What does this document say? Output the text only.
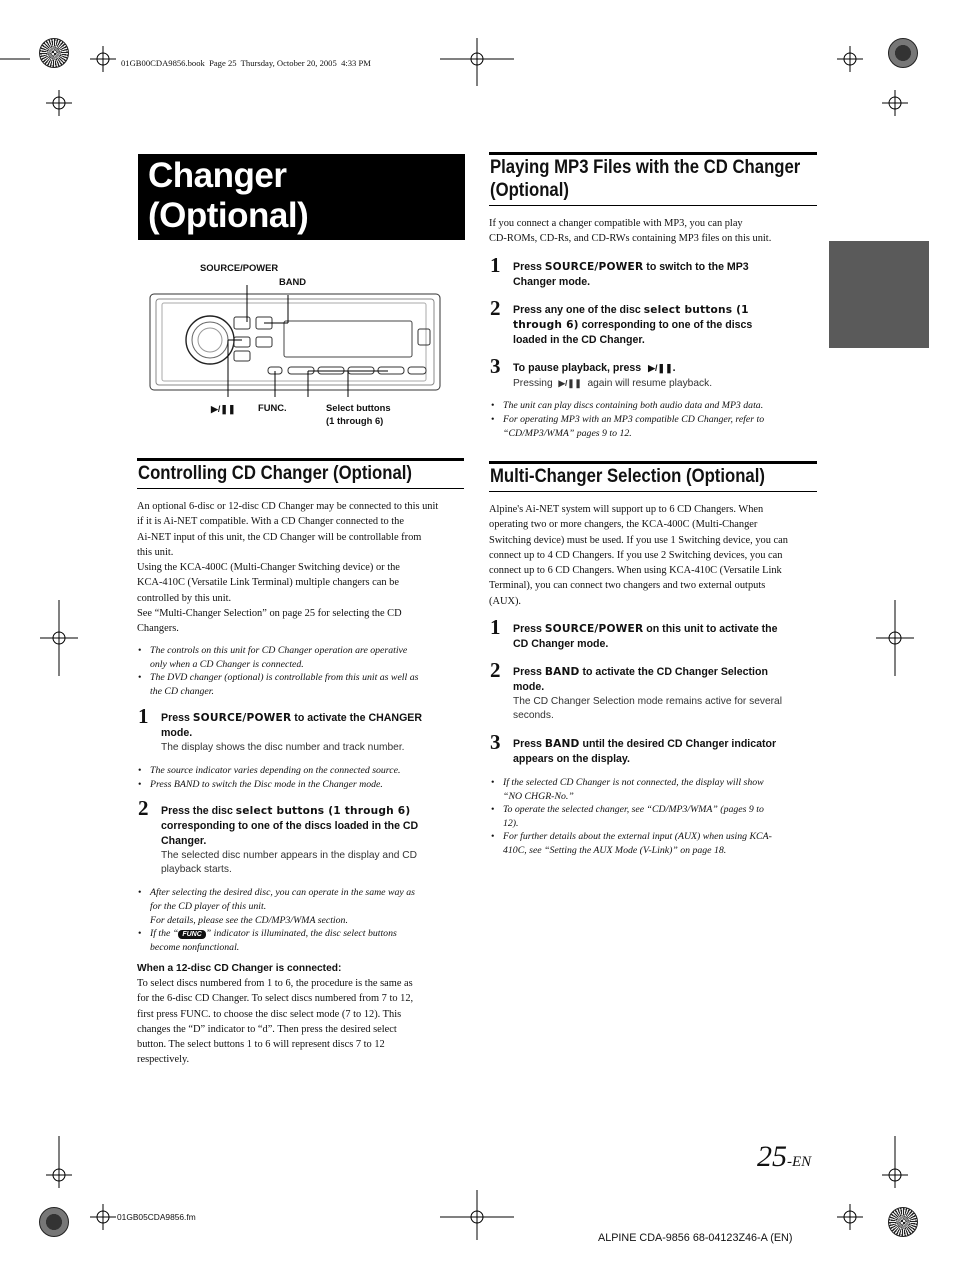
01GB00CDA9856.book  Page 25  Thursday, October 20, 2005  4:33 PM
Changer
(Optional)
SOURCE/POWER
BAND
▶/❚❚ FUNC.	Select buttons
(1 through 6)
Controlling CD Changer (Optional)
An optional 6-disc or 12-disc CD Changer may be connected to this unit
if it is Ai-NET compatible. With a CD Changer connected to the
Ai-NET input of this unit, the CD Changer will be controllable from
this unit.
Using the KCA-400C (Multi-Changer Switching device) or the
KCA-410C (Versatile Link Terminal) multiple changers can be
controlled by this unit.
See “Multi-Changer Selection” on page 25 for selecting the CD
Changers.
• The controls on this unit for CD Changer operation are operative
only when a CD Changer is connected.
• The DVD changer (optional) is controllable from this unit as well as
the CD changer.
1 Press SOURCE/POWER to activate the CHANGER
mode.
The display shows the disc number and track number.
• The source indicator varies depending on the connected source.
• Press BAND to switch the Disc mode in the Changer mode.
2 Press the disc select buttons (1 through 6)
corresponding to one of the discs loaded in the CD
Changer.
The selected disc number appears in the display and CD
playback starts.
• After selecting the desired disc, you can operate in the same way as
for the CD player of this unit.
For details, please see the CD/MP3/WMA section.
• If the “ FUNC ” indicator is illuminated, the disc select buttons
become nonfunctional.
When a 12-disc CD Changer is connected:
To select discs numbered from 1 to 6, the procedure is the same as
for the 6-disc CD Changer. To select discs numbered from 7 to 12,
first press FUNC. to choose the disc select mode (7 to 12). This
changes the “D” indicator to “d”. Then press the desired select
button. The select buttons 1 to 6 will represent discs 7 to 12
respectively.
Playing MP3 Files with the CD Changer
(Optional)
If you connect a changer compatible with MP3, you can play
CD-ROMs, CD-Rs, and CD-RWs containing MP3 files on this unit.
1 Press SOURCE/POWER to switch to the MP3
Changer mode.
2 Press any one of the disc select buttons (1
through 6) corresponding to one of the discs
loaded in the CD Changer.
3 To pause playback, press ▶/❚❚.
Pressing ▶/❚❚ again will resume playback.
• The unit can play discs containing both audio data and MP3 data.
• For operating MP3 with an MP3 compatible CD Changer, refer to
“CD/MP3/WMA” pages 9 to 12.
Multi-Changer Selection (Optional)
Alpine's Ai-NET system will support up to 6 CD Changers. When
operating two or more changers, the KCA-400C (Multi-Changer
Switching device) must be used. If you use 1 Switching device, you can
connect up to 4 CD Changers. If you use 2 Switching devices, you can
connect up to 6 CD Changers. When using KCA-410C (Versatile Link
Terminal), you can connect two changers and two external outputs
(AUX).
1 Press SOURCE/POWER on this unit to activate the
CD Changer mode.
2 Press BAND to activate the CD Changer Selection
mode.
The CD Changer Selection mode remains active for several
seconds.
3 Press BAND until the desired CD Changer indicator
appears on the display.
• If the selected CD Changer is not connected, the display will show
“NO CHGR-No.”
• To operate the selected changer, see “CD/MP3/WMA” (pages 9 to
12).
• For further details about the external input (AUX) when using KCA-
410C, see “Setting the AUX Mode (V-Link)” on page 18.
25-EN
01GB05CDA9856.fm
ALPINE CDA-9856 68-04123Z46-A (EN)
